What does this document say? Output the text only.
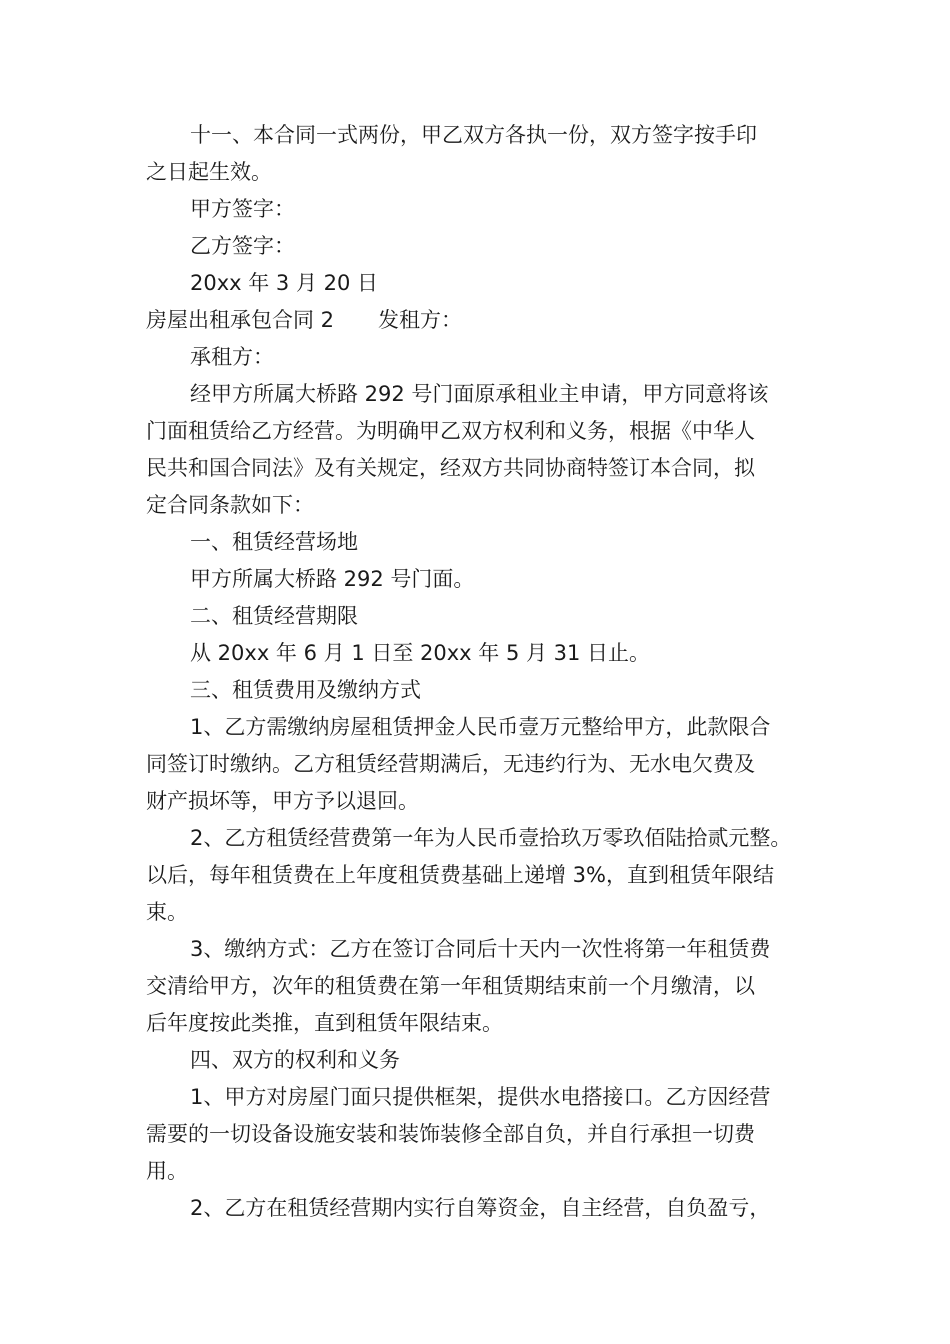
十一、本合同一式两份，甲乙双方各执一份，双方签字按手印
之日起生效。
甲方签字：
乙方签字：
20xx 年 3 月 20 日
房屋出租承包合同 2 发租方：
承租方：
经甲方所属大桥路 292 号门面原承租业主申请，甲方同意将该
门面租赁给乙方经营。为明确甲乙双方权利和义务，根据《中华人
民共和国合同法》及有关规定，经双方共同协商特签订本合同，拟
定合同条款如下：
一、租赁经营场地
甲方所属大桥路 292 号门面。
二、租赁经营期限
从 20xx 年 6 月 1 日至 20xx 年 5 月 31 日止。
三、租赁费用及缴纳方式
1、乙方需缴纳房屋租赁押金人民币壹万元整给甲方，此款限合
同签订时缴纳。乙方租赁经营期满后，无违约行为、无水电欠费及
财产损坏等，甲方予以退回。
2、乙方租赁经营费第一年为人民币壹拾玖万零玖佰陆拾贰元整。
以后，每年租赁费在上年度租赁费基础上递增 3%，直到租赁年限结
束。
3、缴纳方式：乙方在签订合同后十天内一次性将第一年租赁费
交清给甲方，次年的租赁费在第一年租赁期结束前一个月缴清，以
后年度按此类推，直到租赁年限结束。
四、双方的权利和义务
1、甲方对房屋门面只提供框架，提供水电搭接口。乙方因经营
需要的一切设备设施安装和装饰装修全部自负，并自行承担一切费
用。
2、乙方在租赁经营期内实行自筹资金，自主经营，自负盈亏，
